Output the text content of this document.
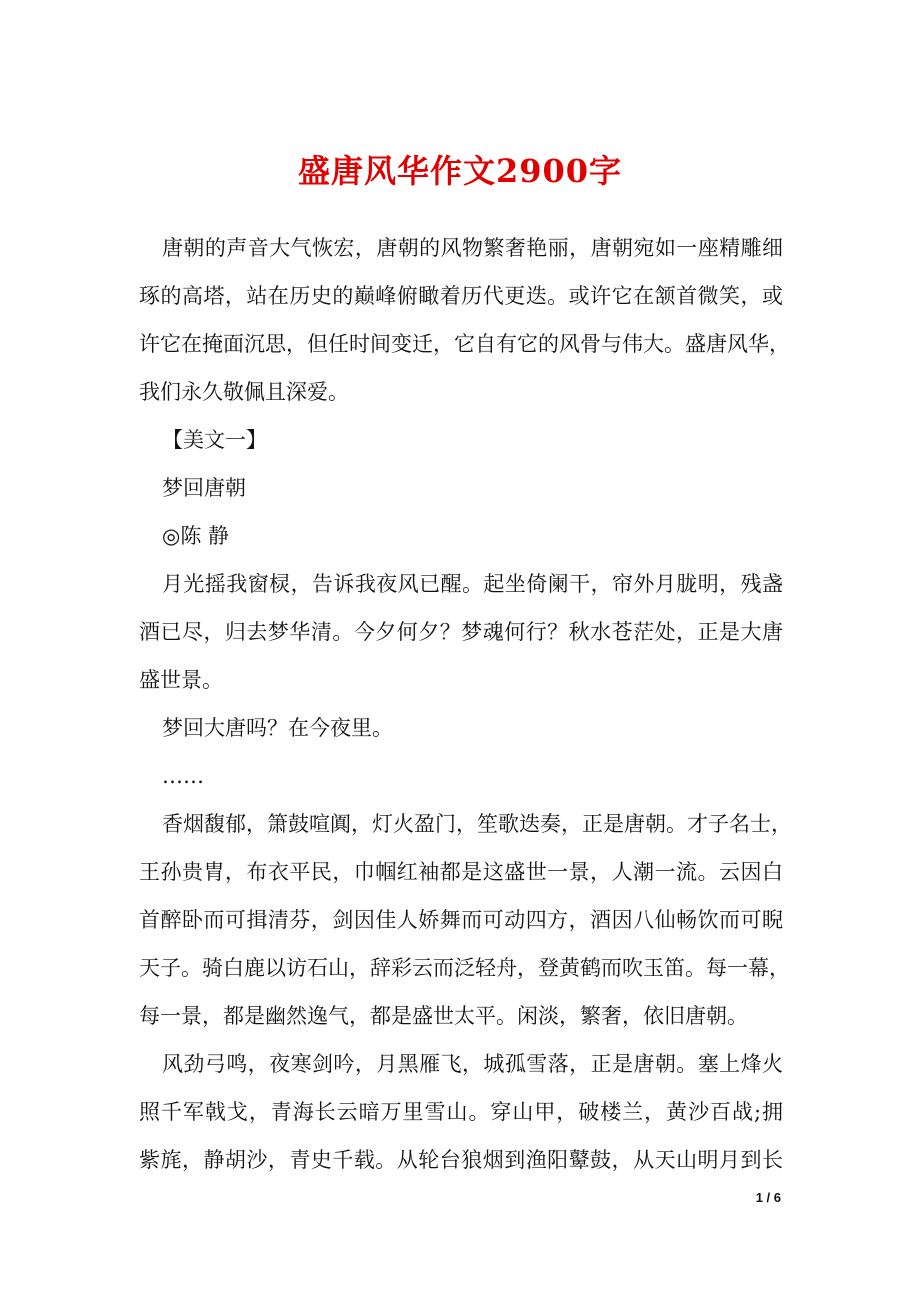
盛唐风华作文2900字
唐朝的声音大气恢宏，唐朝的风物繁奢艳丽，唐朝宛如一座精雕细
琢的高塔，站在历史的巅峰俯瞰着历代更迭。或许它在颔首微笑，或
许它在掩面沉思，但任时间变迁，它自有它的风骨与伟大。盛唐风华，
我们永久敬佩且深爱。
【美文一】
梦回唐朝
◎陈 静
月光摇我窗棂，告诉我夜风已醒。起坐倚阑干，帘外月胧明，残盏
酒已尽，归去梦华清。今夕何夕？梦魂何行？秋水苍茫处，正是大唐
盛世景。
梦回大唐吗？在今夜里。
……
香烟馥郁，箫鼓喧阗，灯火盈门，笙歌迭奏，正是唐朝。才子名士，
王孙贵胄，布衣平民，巾帼红袖都是这盛世一景，人潮一流。云因白
首醉卧而可揖清芬，剑因佳人娇舞而可动四方，酒因八仙畅饮而可睨
天子。骑白鹿以访石山，辞彩云而泛轻舟，登黄鹤而吹玉笛。每一幕，
每一景，都是幽然逸气，都是盛世太平。闲淡，繁奢，依旧唐朝。
风劲弓鸣，夜寒剑吟，月黑雁飞，城孤雪落，正是唐朝。塞上烽火
照千军戟戈，青海长云暗万里雪山。穿山甲，破楼兰，黄沙百战;拥
紫旄，静胡沙，青史千载。从轮台狼烟到渔阳鼙鼓，从天山明月到长
1 / 6
